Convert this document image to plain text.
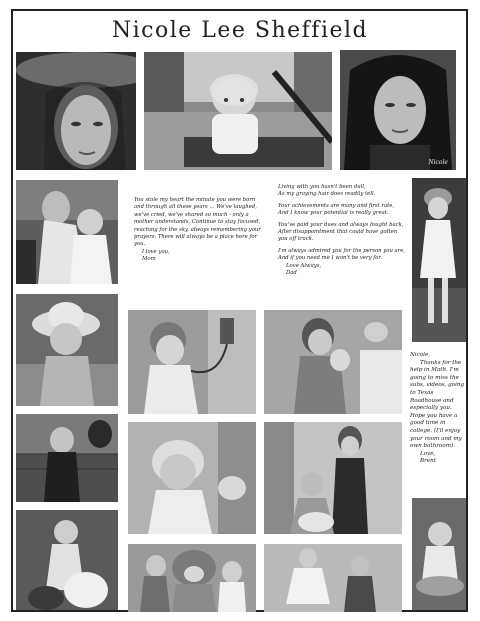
Nicole Lee Sheffield
Nicole
You stole my heart the minute you were born and through all these years ... We've laughed, we've cried, we've shared so much - only a mother understands. Continue to stay focused, reaching for the sky, always remembering your prayers. There will always be a place here for you.
I love you,
Mom

Living with you hasn't been dull,
As my graying hair does readily tell.

Your achievements are many and first rate,
And I know your potential is really great.

You've paid your dues and always fought back,
After disappointment that could have gotten
you off track.

I'm always admired you for the person you are,
And if you need me I won't be very far.

Love Always,
Dad
Nicole,
Thanks for the help in Math. I'm going to miss the subs, videos, going to Texas Roadhouse and especially you. Hope you have a good time in college. (I'll enjoy your room and my own bathroom).
Love,
Brent
